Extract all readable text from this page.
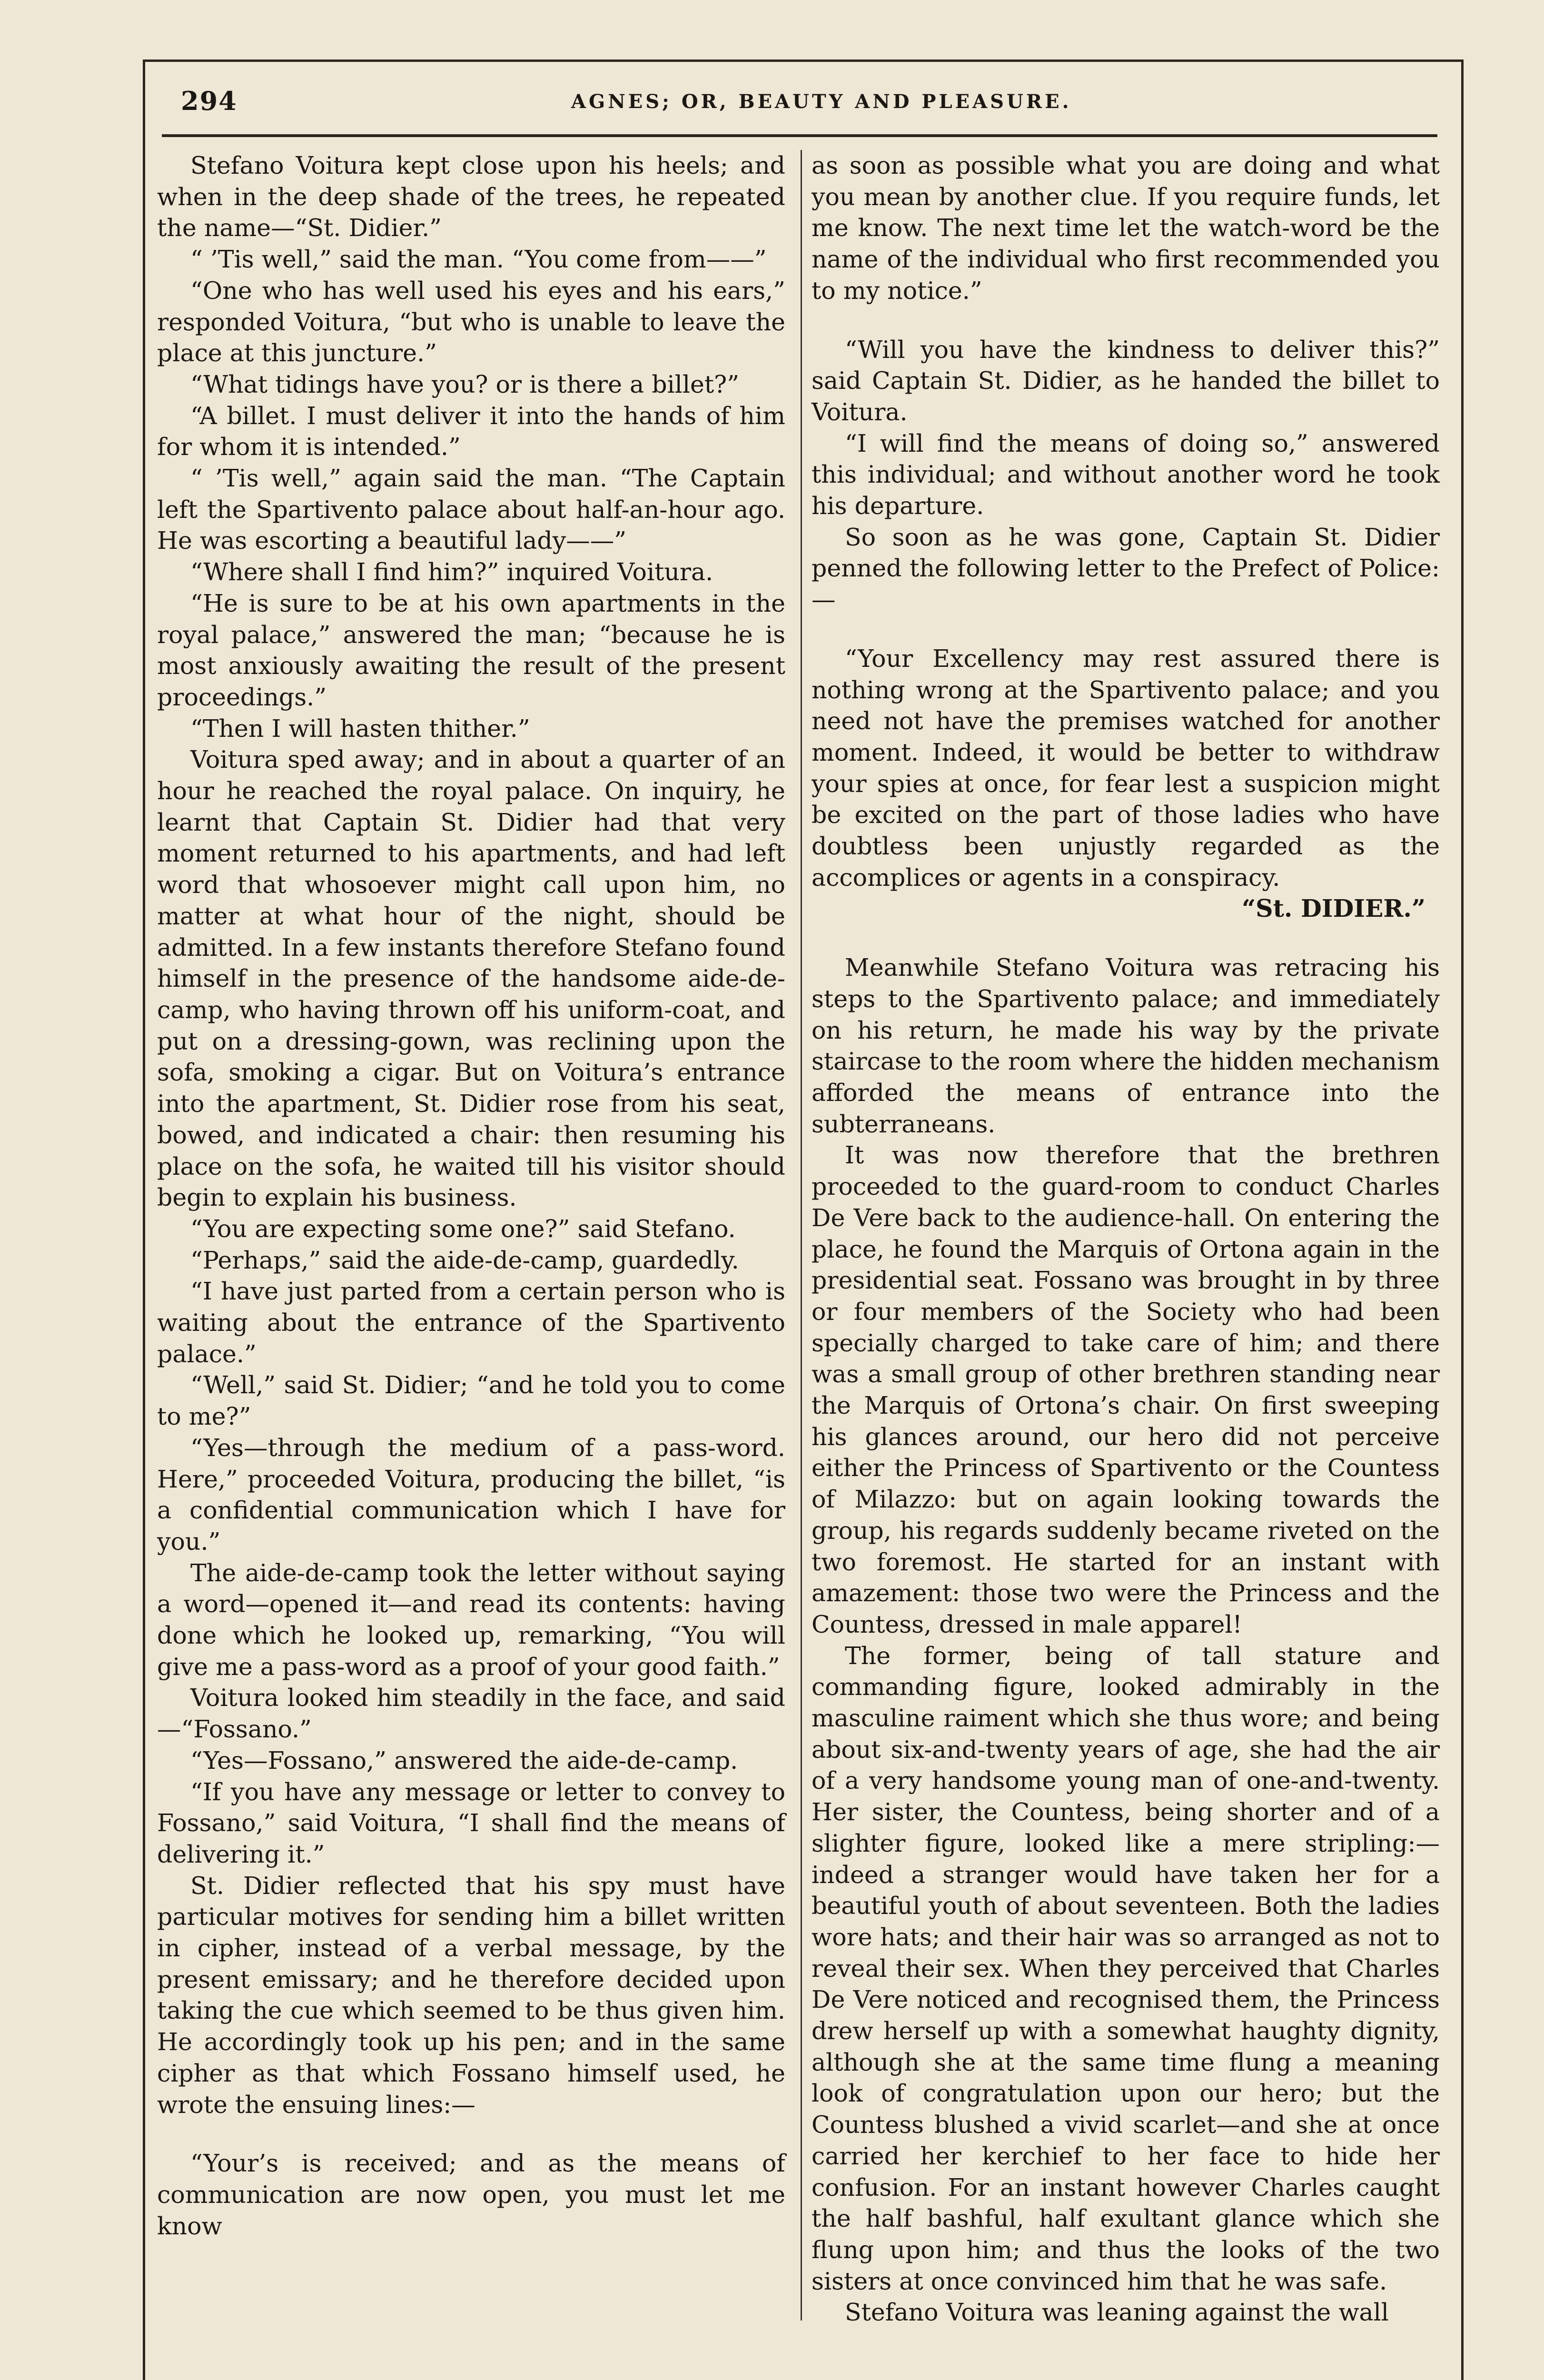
294	AGNES; OR, BEAUTY AND PLEASURE.

Stefano Voitura kept close upon his heels; and when in the deep shade of the trees, he repeated the name—“St. Didier.”

“ ’Tis well,” said the man. “You come from——”

“One who has well used his eyes and his ears,” responded Voitura, “but who is unable to leave the place at this juncture.”

“What tidings have you? or is there a billet?”

“A billet. I must deliver it into the hands of him for whom it is intended.”

“ ’Tis well,” again said the man. “The Captain left the Spartivento palace about half-an-hour ago. He was escorting a beautiful lady——”

“Where shall I find him?” inquired Voitura.

“He is sure to be at his own apartments in the royal palace,” answered the man; “because he is most anxiously awaiting the result of the present proceedings.”

“Then I will hasten thither.”

Voitura sped away; and in about a quarter of an hour he reached the royal palace. On inquiry, he learnt that Captain St. Didier had that very moment returned to his apartments, and had left word that whosoever might call upon him, no matter at what hour of the night, should be admitted. In a few instants therefore Stefano found himself in the presence of the handsome aide-de-camp, who having thrown off his uniform-coat, and put on a dressing-gown, was reclining upon the sofa, smoking a cigar. But on Voitura’s entrance into the apartment, St. Didier rose from his seat, bowed, and indicated a chair: then resuming his place on the sofa, he waited till his visitor should begin to explain his business.

“You are expecting some one?” said Stefano.

“Perhaps,” said the aide-de-camp, guardedly.

“I have just parted from a certain person who is waiting about the entrance of the Spartivento palace.”

“Well,” said St. Didier; “and he told you to come to me?”

“Yes—through the medium of a pass-word. Here,” proceeded Voitura, producing the billet, “is a confidential communication which I have for you.”

The aide-de-camp took the letter without saying a word—opened it—and read its contents: having done which he looked up, remarking, “You will give me a pass-word as a proof of your good faith.”

Voitura looked him steadily in the face, and said—“Fossano.”

“Yes—Fossano,” answered the aide-de-camp.

“If you have any message or letter to convey to Fossano,” said Voitura, “I shall find the means of delivering it.”

St. Didier reflected that his spy must have particular motives for sending him a billet written in cipher, instead of a verbal message, by the present emissary; and he therefore decided upon taking the cue which seemed to be thus given him. He accordingly took up his pen; and in the same cipher as that which Fossano himself used, he wrote the ensuing lines:—

“Your’s is received; and as the means of communication are now open, you must let me know

as soon as possible what you are doing and what you mean by another clue. If you require funds, let me know. The next time let the watch-word be the name of the individual who first recommended you to my notice.”

“Will you have the kindness to deliver this?” said Captain St. Didier, as he handed the billet to Voitura.

“I will find the means of doing so,” answered this individual; and without another word he took his departure.

So soon as he was gone, Captain St. Didier penned the following letter to the Prefect of Police:—

“Your Excellency may rest assured there is nothing wrong at the Spartivento palace; and you need not have the premises watched for another moment. Indeed, it would be better to withdraw your spies at once, for fear lest a suspicion might be excited on the part of those ladies who have doubtless been unjustly regarded as the accomplices or agents in a conspiracy.

“St. DIDIER.”

Meanwhile Stefano Voitura was retracing his steps to the Spartivento palace; and immediately on his return, he made his way by the private staircase to the room where the hidden mechanism afforded the means of entrance into the subterraneans.

It was now therefore that the brethren proceeded to the guard-room to conduct Charles De Vere back to the audience-hall. On entering the place, he found the Marquis of Ortona again in the presidential seat. Fossano was brought in by three or four members of the Society who had been specially charged to take care of him; and there was a small group of other brethren standing near the Marquis of Ortona’s chair. On first sweeping his glances around, our hero did not perceive either the Princess of Spartivento or the Countess of Milazzo: but on again looking towards the group, his regards suddenly became riveted on the two foremost. He started for an instant with amazement: those two were the Princess and the Countess, dressed in male apparel!

The former, being of tall stature and commanding figure, looked admirably in the masculine raiment which she thus wore; and being about six-and-twenty years of age, she had the air of a very handsome young man of one-and-twenty. Her sister, the Countess, being shorter and of a slighter figure, looked like a mere stripling:—indeed a stranger would have taken her for a beautiful youth of about seventeen. Both the ladies wore hats; and their hair was so arranged as not to reveal their sex. When they perceived that Charles De Vere noticed and recognised them, the Princess drew herself up with a somewhat haughty dignity, although she at the same time flung a meaning look of congratulation upon our hero; but the Countess blushed a vivid scarlet—and she at once carried her kerchief to her face to hide her confusion. For an instant however Charles caught the half bashful, half exultant glance which she flung upon him; and thus the looks of the two sisters at once convinced him that he was safe.

Stefano Voitura was leaning against the wall
